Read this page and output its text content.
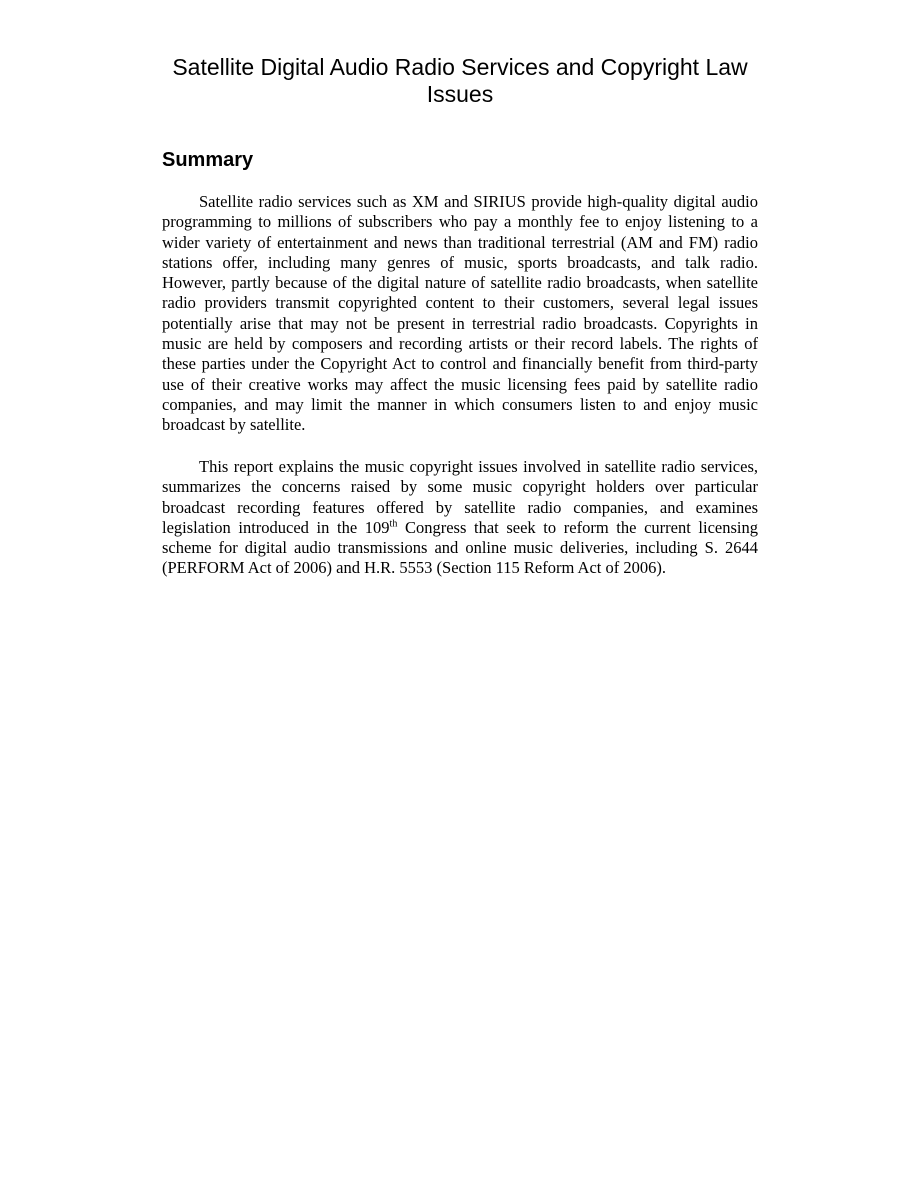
Satellite Digital Audio Radio Services and Copyright Law Issues
Summary

Satellite radio services such as XM and SIRIUS provide high-quality digital audio programming to millions of subscribers who pay a monthly fee to enjoy listening to a wider variety of entertainment and news than traditional terrestrial (AM and FM) radio stations offer, including many genres of music, sports broadcasts, and talk radio. However, partly because of the digital nature of satellite radio broadcasts, when satellite radio providers transmit copyrighted content to their customers, several legal issues potentially arise that may not be present in terrestrial radio broadcasts. Copyrights in music are held by composers and recording artists or their record labels. The rights of these parties under the Copyright Act to control and financially benefit from third-party use of their creative works may affect the music licensing fees paid by satellite radio companies, and may limit the manner in which consumers listen to and enjoy music broadcast by satellite.

This report explains the music copyright issues involved in satellite radio services, summarizes the concerns raised by some music copyright holders over particular broadcast recording features offered by satellite radio companies, and examines legislation introduced in the 109th Congress that seek to reform the current licensing scheme for digital audio transmissions and online music deliveries, including S. 2644 (PERFORM Act of 2006) and H.R. 5553 (Section 115 Reform Act of 2006).
